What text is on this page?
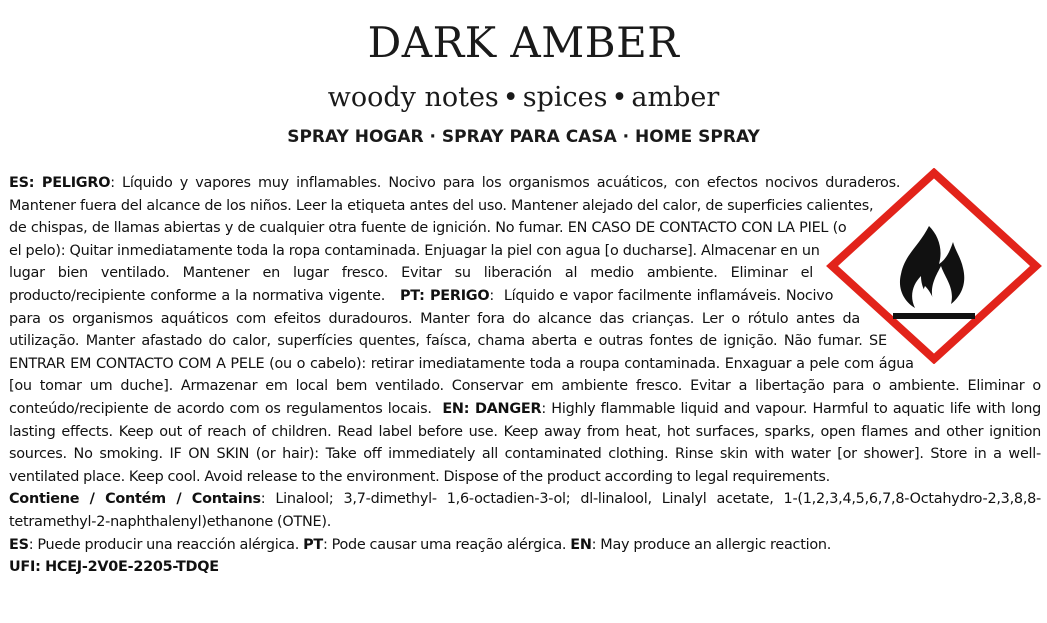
DARK AMBER
woody notes • spices • amber
SPRAY HOGAR · SPRAY PARA CASA · HOME SPRAY
ES: PELIGRO: Líquido y vapores muy inflamables. Nocivo para los organismos acuáticos, con efectos nocivos duraderos. Mantener fuera del alcance de los niños. Leer la etiqueta antes del uso. Mantener alejado del calor, de superficies calientes, de chispas, de llamas abiertas y de cualquier otra fuente de ignición. No fumar. EN CASO DE CONTACTO CON LA PIEL (o el pelo): Quitar inmediatamente toda la ropa contaminada. Enjuagar la piel con agua [o ducharse]. Almacenar en un lugar bien ventilado. Mantener en lugar fresco. Evitar su liberación al medio ambiente. Eliminar el producto/recipiente conforme a la normativa vigente. PT: PERIGO:  Líquido e vapor facilmente inflamáveis. Nocivo para os organismos aquáticos com efeitos duradouros. Manter fora do alcance das crianças. Ler o rótulo antes da utilização. Manter afastado do calor, superfícies quentes, faísca, chama aberta e outras fontes de ignição. Não fumar. SE ENTRAR EM CONTACTO COM A PELE (ou o cabelo): retirar imediatamente toda a roupa contaminada. Enxaguar a pele com água [ou tomar um duche]. Armazenar em local bem ventilado. Conservar em ambiente fresco. Evitar a libertação para o ambiente. Eliminar o conteúdo/recipiente de acordo com os regulamentos locais. EN: DANGER: Highly flammable liquid and vapour. Harmful to aquatic life with long lasting effects. Keep out of reach of children. Read label before use. Keep away from heat, hot surfaces, sparks, open flames and other ignition sources. No smoking. IF ON SKIN (or hair): Take off immediately all contaminated clothing. Rinse skin with water [or shower]. Store in a well-ventilated place. Keep cool. Avoid release to the environment. Dispose of the product according to legal requirements.
Contiene / Contém / Contains: Linalool; 3,7-dimethyl- 1,6-octadien-3-ol; dl-linalool, Linalyl acetate, 1-(1,2,3,4,5,6,7,8-Octahydro-2,3,8,8-tetramethyl-2-naphthalenyl)ethanone (OTNE).
ES: Puede producir una reacción alérgica. PT: Pode causar uma reação alérgica. EN: May produce an allergic reaction.
UFI: HCEJ-2V0E-2205-TDQE
